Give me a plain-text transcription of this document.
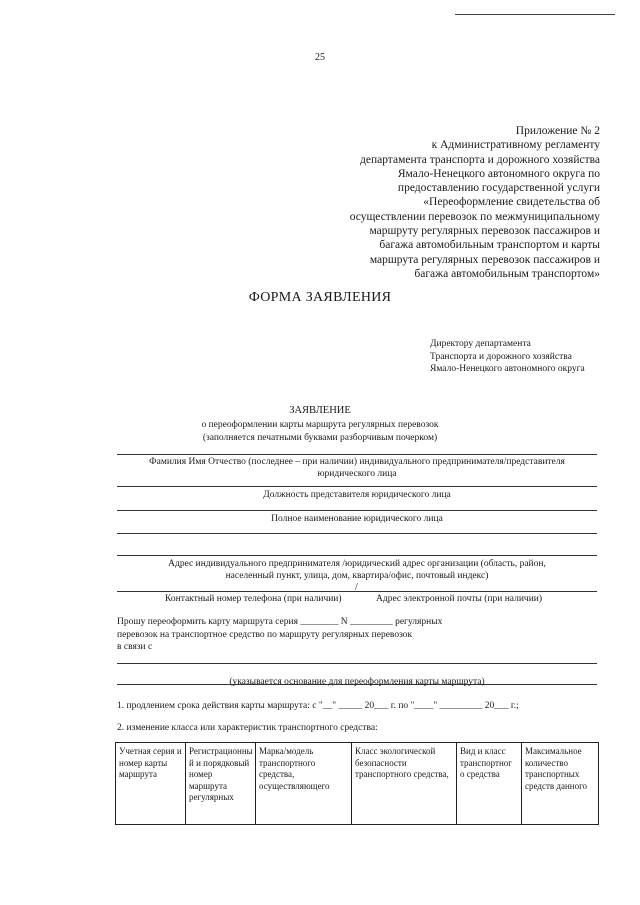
25
Приложение № 2
к Административному регламенту
департамента транспорта и дорожного хозяйства
Ямало-Ненецкого автономного округа по
предоставлению государственной услуги
«Переоформление свидетельства об
осуществлении перевозок по межмуниципальному
маршруту регулярных перевозок пассажиров и
багажа автомобильным транспортом и карты
маршрута регулярных перевозок пассажиров и
багажа автомобильным транспортом»
ФОРМА ЗАЯВЛЕНИЯ
Директору департамента
Транспорта и дорожного хозяйства
Ямало-Ненецкого автономного округа
ЗАЯВЛЕНИЕ
о переоформлении карты маршрута регулярных перевозок
(заполняется печатными буквами разборчивым почерком)
Фамилия Имя Отчество (последнее – при наличии) индивидуального предпринимателя/представителя
юридического лица
Должность представителя юридического лица
Полное наименование юридического лица
Адрес индивидуального предпринимателя /юридический адрес организации (область, район,
населенный пункт, улица, дом, квартира/офис, почтовый индекс)
/
Контактный номер телефона (при наличии)	Адрес электронной почты (при наличии)
Прошу переоформить карту маршрута серия ________ N _________ регулярных
перевозок на транспортное средство по маршруту регулярных перевозок
в связи с
(указывается основание для переоформления карты маршрута)
1. продлением срока действия карты маршрута: с "__" _____ 20___ г. по "____" _________ 20___ г.;
2. изменение класса или характеристик транспортного средства:
Учетная серия и номер карты маршрута	Регистрационны й и порядковый номер маршрута регулярных	Марка/модель транспортного средства, осуществляющего	Класс экологической безопасности транспортного средства,	Вид и класс транспортног о средства	Максимальное количество транспортных средств данного
